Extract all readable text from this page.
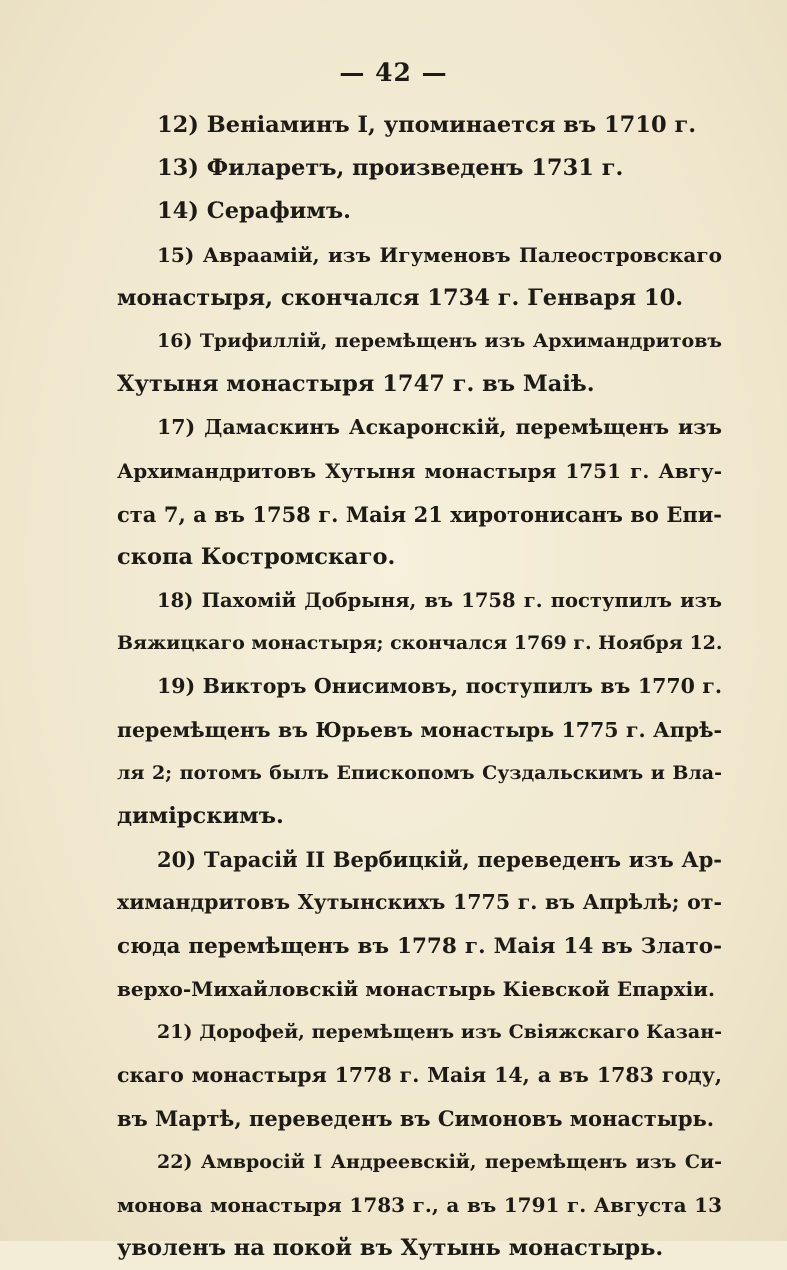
— 42 —
12) Веніаминъ I, упоминается въ 1710 г.
13) Филаретъ, произведенъ 1731 г.
14) Серафимъ.
15) Авраамій, изъ Игуменовъ Палеостровскаго
монастыря, скончался 1734 г. Генваря 10.
16) Трифиллій, перемѣщенъ изъ Архимандритовъ
Хутыня монастыря 1747 г. въ Маіѣ.
17) Дамаскинъ Аскаронскій, перемѣщенъ изъ
Архимандритовъ Хутыня монастыря 1751 г. Авгу-
ста 7, а въ 1758 г. Маія 21 хиротонисанъ во Епи-
скопа Костромскаго.
18) Пахомій Добрыня, въ 1758 г. поступилъ изъ
Вяжицкаго монастыря; скончался 1769 г. Ноября 12.
19) Викторъ Онисимовъ, поступилъ въ 1770 г.
перемѣщенъ въ Юрьевъ монастырь 1775 г. Апрѣ-
ля 2; потомъ былъ Епископомъ Суздальскимъ и Вла-
димірскимъ.
20) Тарасій II Вербицкій, переведенъ изъ Ар-
химандритовъ Хутынскихъ 1775 г. въ Апрѣлѣ; от-
сюда перемѣщенъ въ 1778 г. Маія 14 въ Злато-
верхо-Михайловскій монастырь Кіевской Епархіи.
21) Дорофей, перемѣщенъ изъ Свіяжскаго Казан-
скаго монастыря 1778 г. Маія 14, а въ 1783 году,
въ Мартѣ, переведенъ въ Симоновъ монастырь.
22) Амвросій I Андреевскій, перемѣщенъ изъ Си-
монова монастыря 1783 г., а въ 1791 г. Августа 13
уволенъ на покой въ Хутынь монастырь.
